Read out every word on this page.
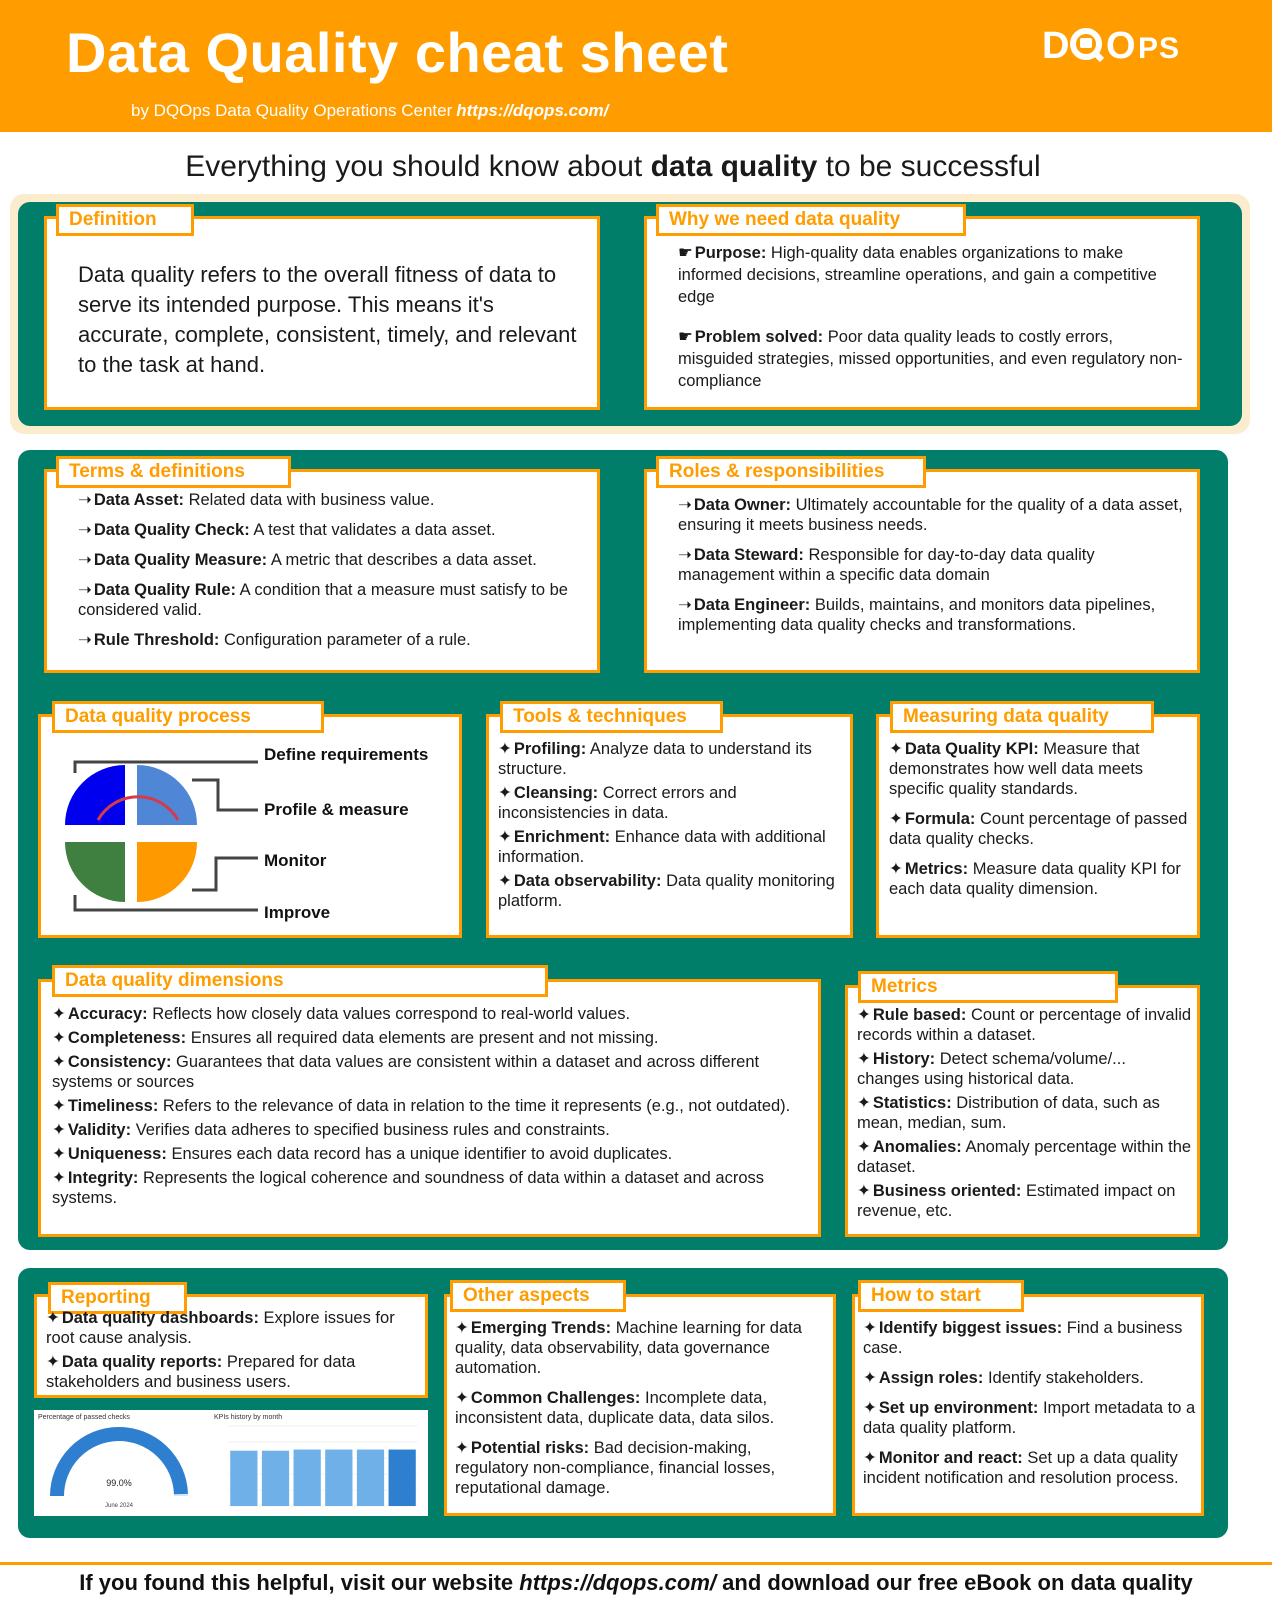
Data Quality cheat sheet
by DQOps Data Quality Operations Center https://dqops.com/
D O PS
Everything you should know about data quality to be successful
Definition
Data quality refers to the overall fitness of data to serve its intended purpose. This means it's accurate, complete, consistent, timely, and relevant to the task at hand.
Why we need data quality

☛ Purpose: High-quality data enables organizations to make informed decisions, streamline operations, and gain a competitive edge

☛ Problem solved: Poor data quality leads to costly errors, misguided strategies, missed opportunities, and even regulatory non-compliance

Terms & definitions

➝ Data Asset: Related data with business value.

➝ Data Quality Check: A test that validates a data asset.

➝ Data Quality Measure: A metric that describes a data asset.

➝ Data Quality Rule: A condition that a measure must satisfy to be considered valid.

➝ Rule Threshold: Configuration parameter of a rule.

Roles & responsibilities

➝ Data Owner: Ultimately accountable for the quality of a data asset, ensuring it meets business needs.

➝ Data Steward: Responsible for day-to-day data quality management within a specific data domain

➝ Data Engineer: Builds, maintains, and monitors data pipelines, implementing data quality checks and transformations.

Data quality process
Define requirements
Profile & measure
Monitor
Improve
Tools & techniques

✦ Profiling: Analyze data to understand its structure.

✦ Cleansing: Correct errors and inconsistencies in data.

✦ Enrichment: Enhance data with additional information.

✦ Data observability: Data quality monitoring platform.

Measuring data quality

✦ Data Quality KPI: Measure that demonstrates how well data meets specific quality standards.

✦ Formula: Count percentage of passed data quality checks.

✦ Metrics: Measure data quality KPI for each data quality dimension.

Data quality dimensions

✦ Accuracy: Reflects how closely data values correspond to real-world values.

✦ Completeness: Ensures all required data elements are present and not missing.

✦ Consistency: Guarantees that data values are consistent within a dataset and across different systems or sources

✦ Timeliness: Refers to the relevance of data in relation to the time it represents (e.g., not outdated).

✦ Validity: Verifies data adheres to specified business rules and constraints.

✦ Uniqueness: Ensures each data record has a unique identifier to avoid duplicates.

✦ Integrity: Represents the logical coherence and soundness of data within a dataset and across systems.

Metrics

✦ Rule based: Count or percentage of invalid records within a dataset.

✦ History: Detect schema/volume/... changes using historical data.

✦ Statistics: Distribution of data, such as mean, median, sum.

✦ Anomalies: Anomaly percentage within the dataset.

✦ Business oriented: Estimated impact on revenue, etc.

Reporting

✦ Data quality dashboards: Explore issues for root cause analysis.

✦ Data quality reports: Prepared for data stakeholders and business users.

Percentage of passed checks
99.0%
June 2024
KPIs history by month
Other aspects

✦ Emerging Trends: Machine learning for data quality, data observability, data governance automation.

✦ Common Challenges: Incomplete data, inconsistent data, duplicate data, data silos.

✦ Potential risks: Bad decision-making, regulatory non-compliance, financial losses, reputational damage.

How to start

✦ Identify biggest issues: Find a business case.

✦ Assign roles: Identify stakeholders.

✦ Set up environment: Import metadata to a data quality platform.

✦ Monitor and react: Set up a data quality incident notification and resolution process.

If you found this helpful, visit our website https://dqops.com/ and download our free eBook on data quality
